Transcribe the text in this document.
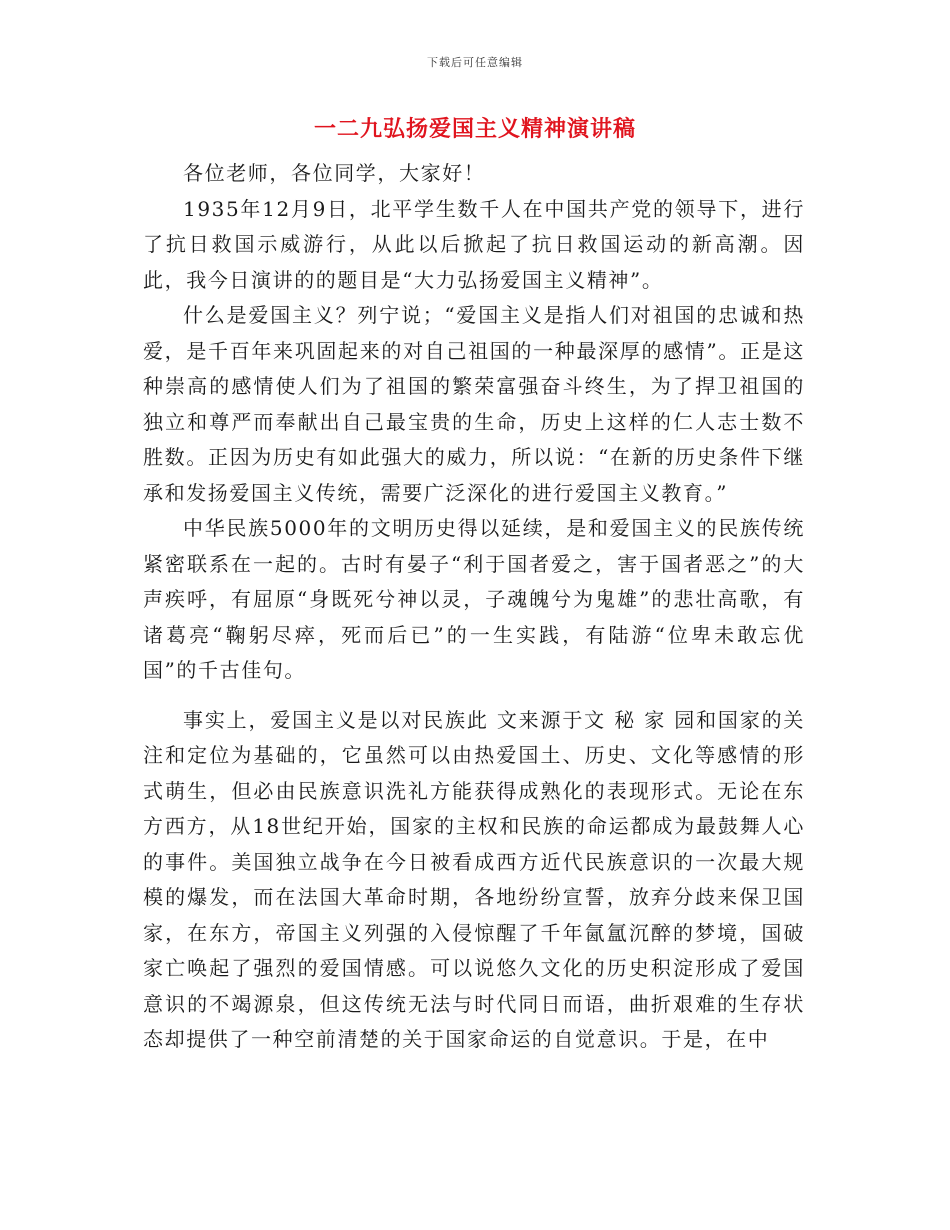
下载后可任意编辑
一二九弘扬爱国主义精神演讲稿

各位老师，各位同学，大家好！

1935年12月9日，北平学生数千人在中国共产党的领导下，进行了抗日救国示威游行，从此以后掀起了抗日救国运动的新高潮。因此，我今日演讲的的题目是“大力弘扬爱国主义精神”。

什么是爱国主义？列宁说；“爱国主义是指人们对祖国的忠诚和热爱，是千百年来巩固起来的对自己祖国的一种最深厚的感情”。正是这种崇高的感情使人们为了祖国的繁荣富强奋斗终生，为了捍卫祖国的独立和尊严而奉献出自己最宝贵的生命，历史上这样的仁人志士数不胜数。正因为历史有如此强大的威力，所以说：“在新的历史条件下继承和发扬爱国主义传统，需要广泛深化的进行爱国主义教育。”

中华民族5000年的文明历史得以延续，是和爱国主义的民族传统紧密联系在一起的。古时有晏子“利于国者爱之，害于国者恶之”的大声疾呼，有屈原“身既死兮神以灵，子魂魄兮为鬼雄”的悲壮高歌，有诸葛亮“鞠躬尽瘁，死而后已”的一生实践，有陆游“位卑未敢忘优国”的千古佳句。

事实上，爱国主义是以对民族此 文来源于文 秘 家 园和国家的关注和定位为基础的，它虽然可以由热爱国土、历史、文化等感情的形式萌生，但必由民族意识洗礼方能获得成熟化的表现形式。无论在东方西方，从18世纪开始，国家的主权和民族的命运都成为最鼓舞人心的事件。美国独立战争在今日被看成西方近代民族意识的一次最大规模的爆发，而在法国大革命时期，各地纷纷宣誓，放弃分歧来保卫国家，在东方，帝国主义列强的入侵惊醒了千年氤氲沉醉的梦境，国破家亡唤起了强烈的爱国情感。可以说悠久文化的历史积淀形成了爱国意识的不竭源泉，但这传统无法与时代同日而语，曲折艰难的生存状态却提供了一种空前清楚的关于国家命运的自觉意识。于是，在中
